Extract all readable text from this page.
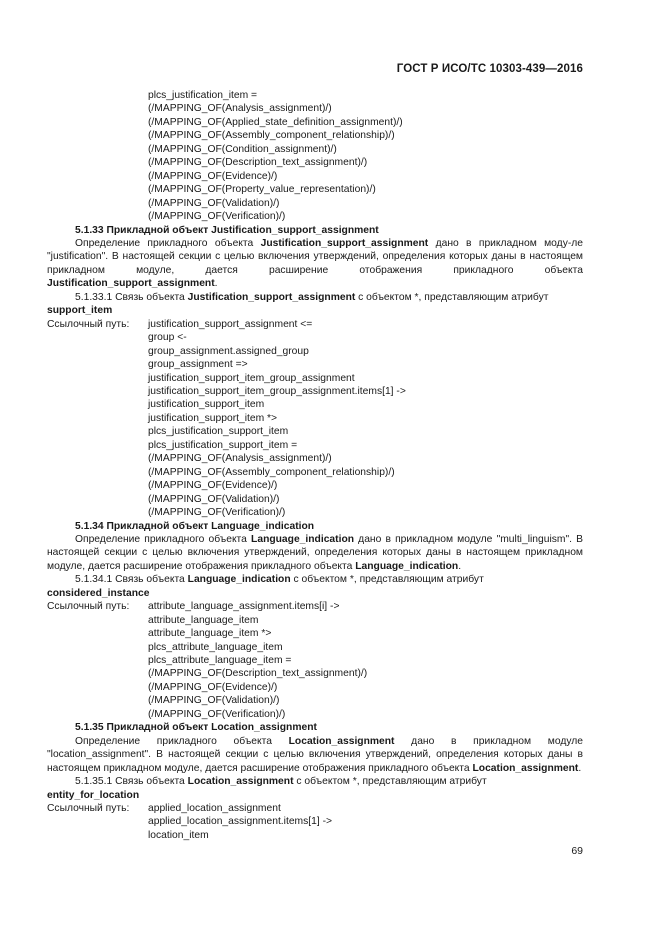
ГОСТ Р ИСО/ТС 10303-439—2016
plcs_justification_item =
(/MAPPING_OF(Analysis_assignment)/)
(/MAPPING_OF(Applied_state_definition_assignment)/)
(/MAPPING_OF(Assembly_component_relationship)/)
(/MAPPING_OF(Condition_assignment)/)
(/MAPPING_OF(Description_text_assignment)/)
(/MAPPING_OF(Evidence)/)
(/MAPPING_OF(Property_value_representation)/)
(/MAPPING_OF(Validation)/)
(/MAPPING_OF(Verification)/)
5.1.33 Прикладной объект Justification_support_assignment
Определение прикладного объекта Justification_support_assignment дано в прикладном моду-ле "justification". В настоящей секции с целью включения утверждений, определения которых даны в настоящем прикладном модуле, дается расширение отображения прикладного объекта Justification_support_assignment.
5.1.33.1 Связь объекта Justification_support_assignment с объектом *, представляющим атрибут
support_item
Ссылочный путь:	justification_support_assignment <=
group <-
group_assignment.assigned_group
group_assignment =>
justification_support_item_group_assignment
justification_support_item_group_assignment.items[1] ->
justification_support_item
justification_support_item *>
plcs_justification_support_item
plcs_justification_support_item =
(/MAPPING_OF(Analysis_assignment)/)
(/MAPPING_OF(Assembly_component_relationship)/)
(/MAPPING_OF(Evidence)/)
(/MAPPING_OF(Validation)/)
(/MAPPING_OF(Verification)/)
5.1.34 Прикладной объект Language_indication
Определение прикладного объекта Language_indication дано в прикладном модуле "multi_linguism". В настоящей секции с целью включения утверждений, определения которых даны в настоящем прикладном модуле, дается расширение отображения прикладного объекта Language_indication.
5.1.34.1 Связь объекта Language_indication с объектом *, представляющим атрибут
considered_instance
Ссылочный путь:	attribute_language_assignment.items[i] ->
attribute_language_item
attribute_language_item *>
plcs_attribute_language_item
plcs_attribute_language_item =
(/MAPPING_OF(Description_text_assignment)/)
(/MAPPING_OF(Evidence)/)
(/MAPPING_OF(Validation)/)
(/MAPPING_OF(Verification)/)
5.1.35 Прикладной объект Location_assignment
Определение прикладного объекта Location_assignment дано в прикладном модуле "location_assignment". В настоящей секции с целью включения утверждений, определения которых даны в настоящем прикладном модуле, дается расширение отображения прикладного объекта Location_assignment.
5.1.35.1 Связь объекта Location_assignment с объектом *, представляющим атрибут
entity_for_location
Ссылочный путь:	applied_location_assignment
applied_location_assignment.items[1] ->
location_item
69
